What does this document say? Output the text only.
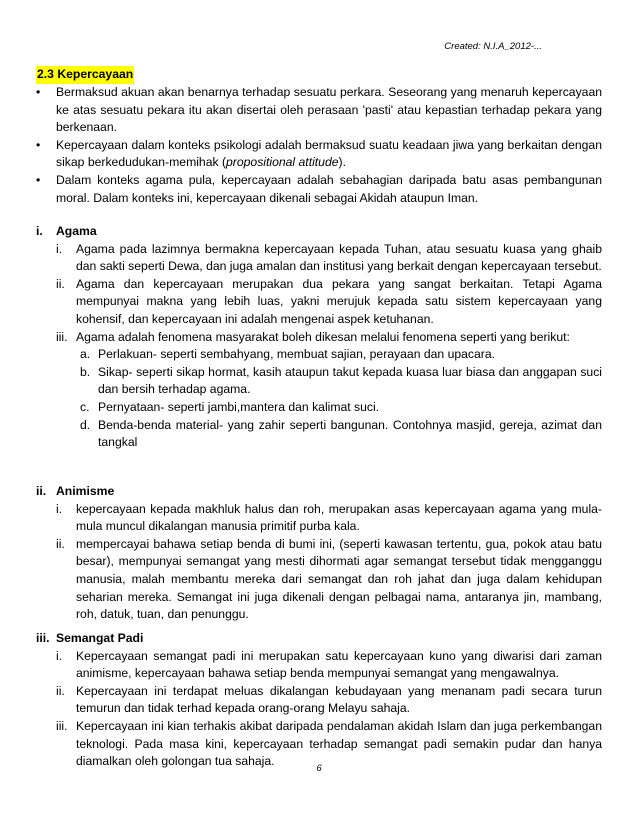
Created: N.I.A_2012-...
2.3 Kepercayaan
• Bermaksud akuan akan benarnya terhadap sesuatu perkara. Seseorang yang menaruh kepercayaan ke atas sesuatu pekara itu akan disertai oleh perasaan 'pasti' atau kepastian terhadap pekara yang berkenaan.
• Kepercayaan dalam konteks psikologi adalah bermaksud suatu keadaan jiwa yang berkaitan dengan sikap berkedudukan-memihak (propositional attitude).
• Dalam konteks agama pula, kepercayaan adalah sebahagian daripada batu asas pembangunan moral. Dalam konteks ini, kepercayaan dikenali sebagai Akidah ataupun Iman.
i. Agama
i. Agama pada lazimnya bermakna kepercayaan kepada Tuhan, atau sesuatu kuasa yang ghaib dan sakti seperti Dewa, dan juga amalan dan institusi yang berkait dengan kepercayaan tersebut.
ii. Agama dan kepercayaan merupakan dua pekara yang sangat berkaitan. Tetapi Agama mempunyai makna yang lebih luas, yakni merujuk kepada satu sistem kepercayaan yang kohensif, dan kepercayaan ini adalah mengenai aspek ketuhanan.
iii. Agama adalah fenomena masyarakat boleh dikesan melalui fenomena seperti yang berikut:
a. Perlakuan- seperti sembahyang, membuat sajian, perayaan dan upacara.
b. Sikap- seperti sikap hormat, kasih ataupun takut kepada kuasa luar biasa dan anggapan suci dan bersih terhadap agama.
c. Pernyataan- seperti jambi,mantera dan kalimat suci.
d. Benda-benda material- yang zahir seperti bangunan. Contohnya masjid, gereja, azimat dan tangkal
ii. Animisme
i. kepercayaan kepada makhluk halus dan roh, merupakan asas kepercayaan agama yang mula-mula muncul dikalangan manusia primitif purba kala.
ii. mempercayai bahawa setiap benda di bumi ini, (seperti kawasan tertentu, gua, pokok atau batu besar), mempunyai semangat yang mesti dihormati agar semangat tersebut tidak mengganggu manusia, malah membantu mereka dari semangat dan roh jahat dan juga dalam kehidupan seharian mereka. Semangat ini juga dikenali dengan pelbagai nama, antaranya jin, mambang, roh, datuk, tuan, dan penunggu.
iii. Semangat Padi
i. Kepercayaan semangat padi ini merupakan satu kepercayaan kuno yang diwarisi dari zaman animisme, kepercayaan bahawa setiap benda mempunyai semangat yang mengawalnya.
ii. Kepercayaan ini terdapat meluas dikalangan kebudayaan yang menanam padi secara turun temurun dan tidak terhad kepada orang-orang Melayu sahaja.
iii. Kepercayaan ini kian terhakis akibat daripada pendalaman akidah Islam dan juga perkembangan teknologi. Pada masa kini, kepercayaan terhadap semangat padi semakin pudar dan hanya diamalkan oleh golongan tua sahaja.
6
